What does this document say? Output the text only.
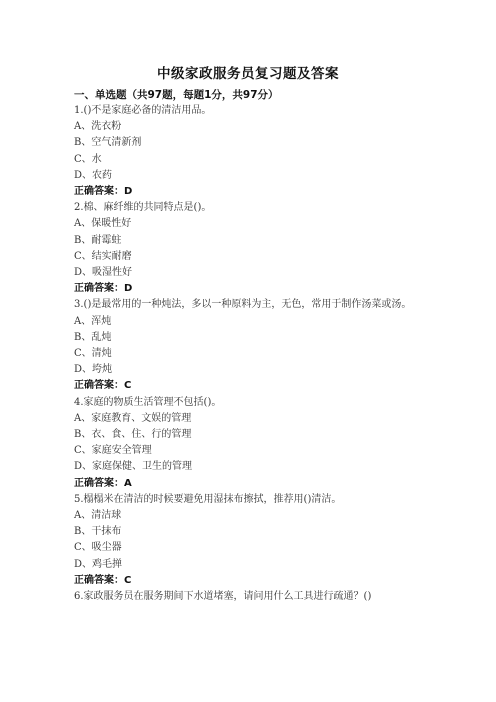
中级家政服务员复习题及答案
一、单选题（共97题，每题1分，共97分）
1.()不是家庭必备的清洁用品。
A、洗衣粉
B、空气清新剂
C、水
D、农药
正确答案：D
2.棉、麻纤维的共同特点是()。
A、保暖性好
B、耐霉蛀
C、结实耐磨
D、吸湿性好
正确答案：D
3.()是最常用的一种炖法，多以一种原料为主，无色，常用于制作汤菜或汤。
A、浑炖
B、乱炖
C、清炖
D、垮炖
正确答案：C
4.家庭的物质生活管理不包括()。
A、家庭教育、文娱的管理
B、衣、食、住、行的管理
C、家庭安全管理
D、家庭保健、卫生的管理
正确答案：A
5.榻榻米在清洁的时候要避免用湿抹布擦拭，推荐用()清洁。
A、清洁球
B、干抹布
C、吸尘器
D、鸡毛掸
正确答案：C
6.家政服务员在服务期间下水道堵塞，请问用什么工具进行疏通？()
